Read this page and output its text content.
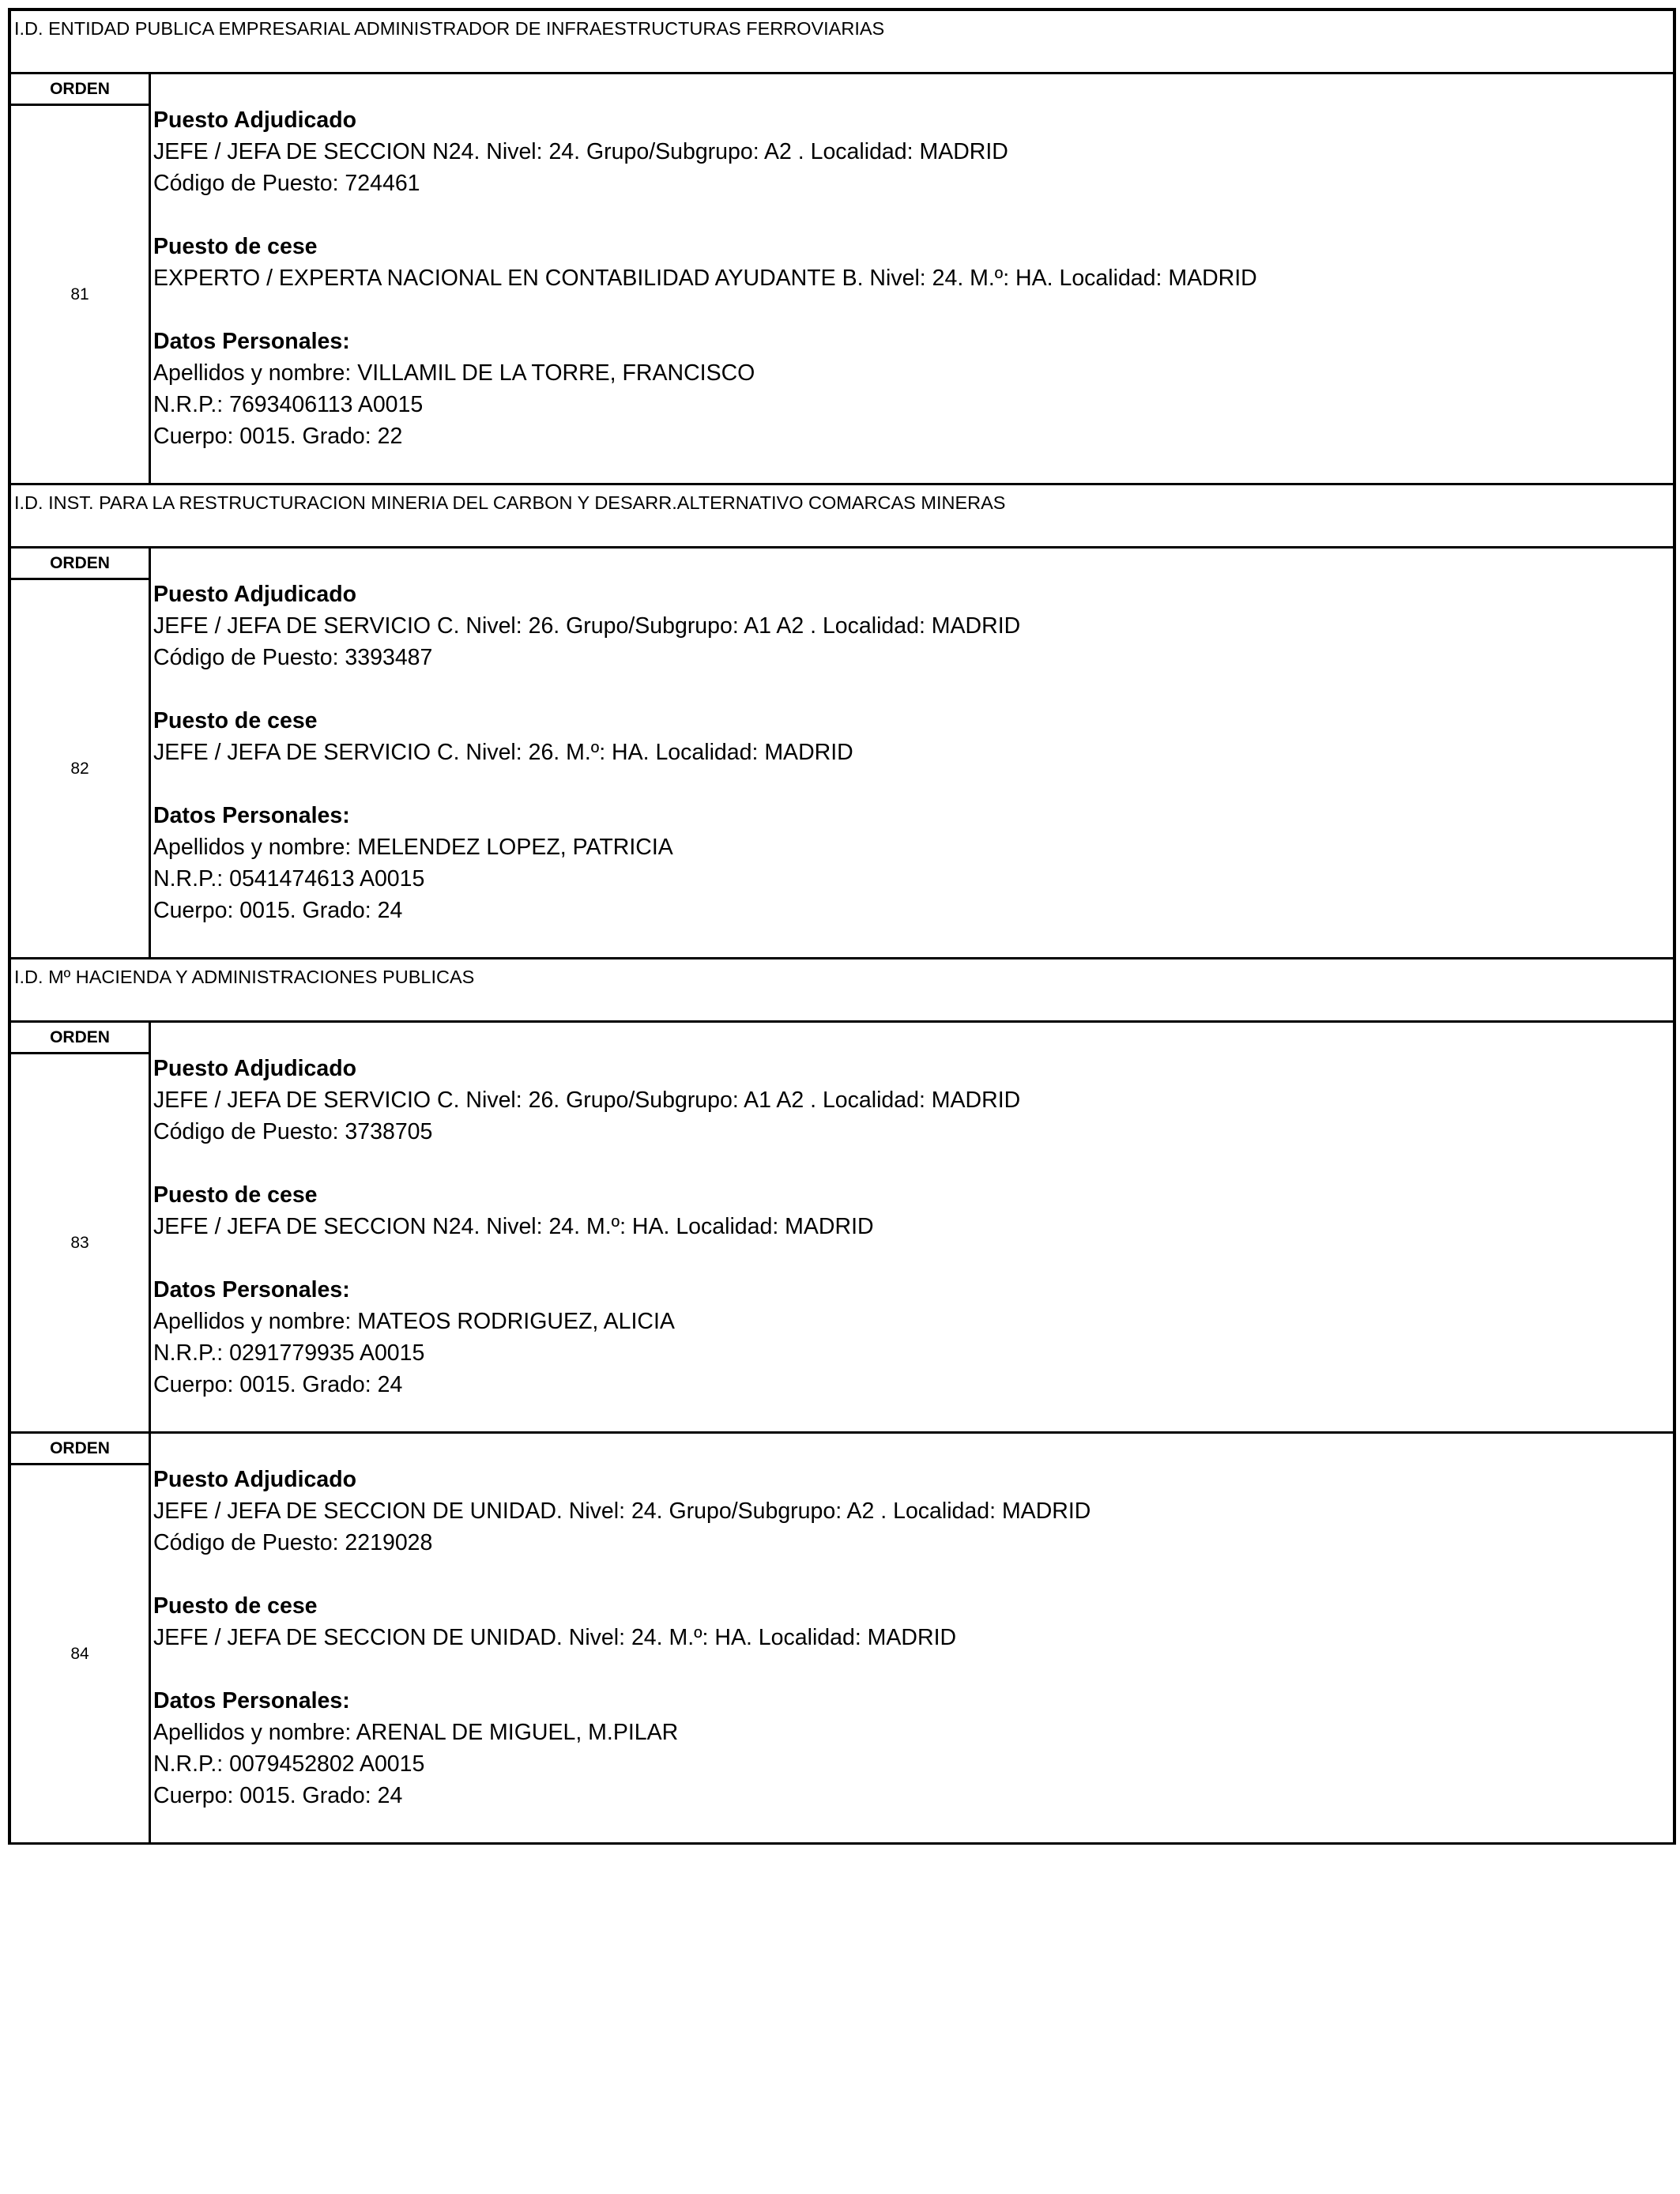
I.D. ENTIDAD PUBLICA EMPRESARIAL ADMINISTRADOR DE INFRAESTRUCTURAS FERROVIARIAS
ORDEN
81
Puesto Adjudicado
JEFE / JEFA DE SECCION N24. Nivel: 24. Grupo/Subgrupo: A2 . Localidad: MADRID
Código de Puesto: 724461
Puesto de cese
EXPERTO / EXPERTA NACIONAL EN CONTABILIDAD AYUDANTE B. Nivel: 24. M.º: HA. Localidad: MADRID
Datos Personales:
Apellidos y nombre: VILLAMIL DE LA TORRE, FRANCISCO
N.R.P.: 7693406113 A0015
Cuerpo: 0015. Grado: 22
I.D. INST. PARA LA RESTRUCTURACION MINERIA DEL CARBON Y DESARR.ALTERNATIVO COMARCAS MINERAS
ORDEN
82
Puesto Adjudicado
JEFE / JEFA DE SERVICIO C. Nivel: 26. Grupo/Subgrupo: A1 A2 . Localidad: MADRID
Código de Puesto: 3393487
Puesto de cese
JEFE / JEFA DE SERVICIO C. Nivel: 26. M.º: HA. Localidad: MADRID
Datos Personales:
Apellidos y nombre: MELENDEZ LOPEZ, PATRICIA
N.R.P.: 0541474613 A0015
Cuerpo: 0015. Grado: 24
I.D. Mº HACIENDA Y ADMINISTRACIONES PUBLICAS
ORDEN
83
Puesto Adjudicado
JEFE / JEFA DE SERVICIO C. Nivel: 26. Grupo/Subgrupo: A1 A2 . Localidad: MADRID
Código de Puesto: 3738705
Puesto de cese
JEFE / JEFA DE SECCION N24. Nivel: 24. M.º: HA. Localidad: MADRID
Datos Personales:
Apellidos y nombre: MATEOS RODRIGUEZ, ALICIA
N.R.P.: 0291779935 A0015
Cuerpo: 0015. Grado: 24
ORDEN
84
Puesto Adjudicado
JEFE / JEFA DE SECCION DE UNIDAD. Nivel: 24. Grupo/Subgrupo: A2 . Localidad: MADRID
Código de Puesto: 2219028
Puesto de cese
JEFE / JEFA DE SECCION DE UNIDAD. Nivel: 24. M.º: HA. Localidad: MADRID
Datos Personales:
Apellidos y nombre: ARENAL DE MIGUEL, M.PILAR
N.R.P.: 0079452802 A0015
Cuerpo: 0015. Grado: 24
